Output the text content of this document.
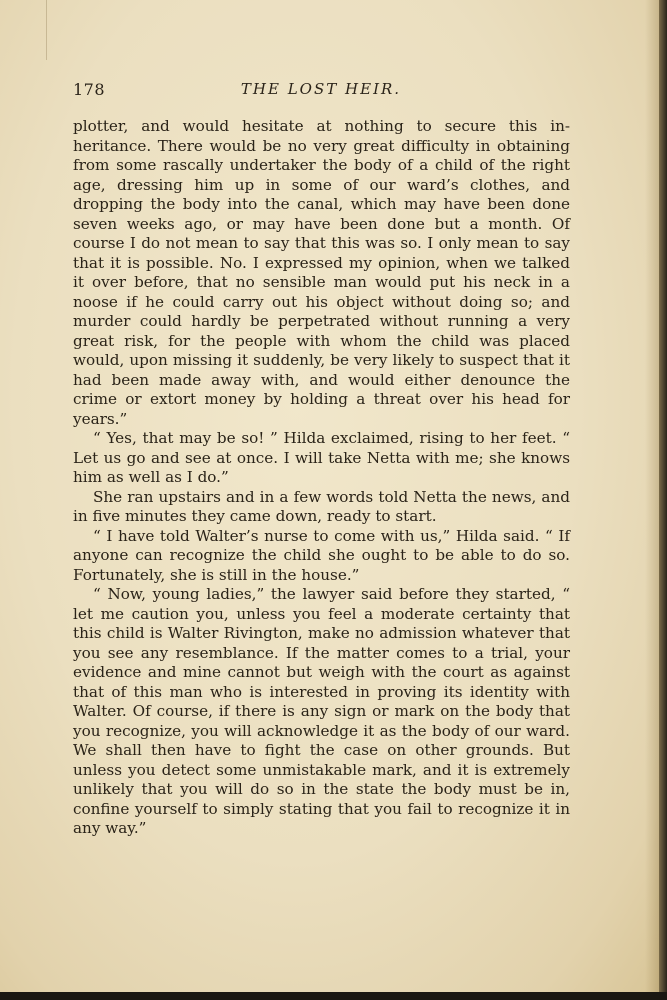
178	THE LOST HEIR.

plotter, and would hesitate at nothing to secure this inheritance. There would be no very great difficulty in obtaining from some rascally undertaker the body of a child of the right age, dressing him up in some of our ward’s clothes, and dropping the body into the canal, which may have been done seven weeks ago, or may have been done but a month. Of course I do not mean to say that this was so. I only mean to say that it is possible. No. I expressed my opinion, when we talked it over before, that no sensible man would put his neck in a noose if he could carry out his object without doing so; and murder could hardly be perpetrated without running a very great risk, for the people with whom the child was placed would, upon missing it suddenly, be very likely to suspect that it had been made away with, and would either denounce the crime or extort money by holding a threat over his head for years.”

“ Yes, that may be so! ” Hilda exclaimed, rising to her feet. “ Let us go and see at once. I will take Netta with me; she knows him as well as I do.”

She ran upstairs and in a few words told Netta the news, and in five minutes they came down, ready to start.

“ I have told Walter’s nurse to come with us,” Hilda said. “ If anyone can recognize the child she ought to be able to do so. Fortunately, she is still in the house.”

“ Now, young ladies,” the lawyer said before they started, “ let me caution you, unless you feel a moderate certainty that this child is Walter Rivington, make no admission whatever that you see any resemblance. If the matter comes to a trial, your evidence and mine cannot but weigh with the court as against that of this man who is interested in proving its identity with Walter. Of course, if there is any sign or mark on the body that you recognize, you will acknowledge it as the body of our ward. We shall then have to fight the case on other grounds. But unless you detect some unmistakable mark, and it is extremely unlikely that you will do so in the state the body must be in, confine yourself to simply stating that you fail to recognize it in any way.”
